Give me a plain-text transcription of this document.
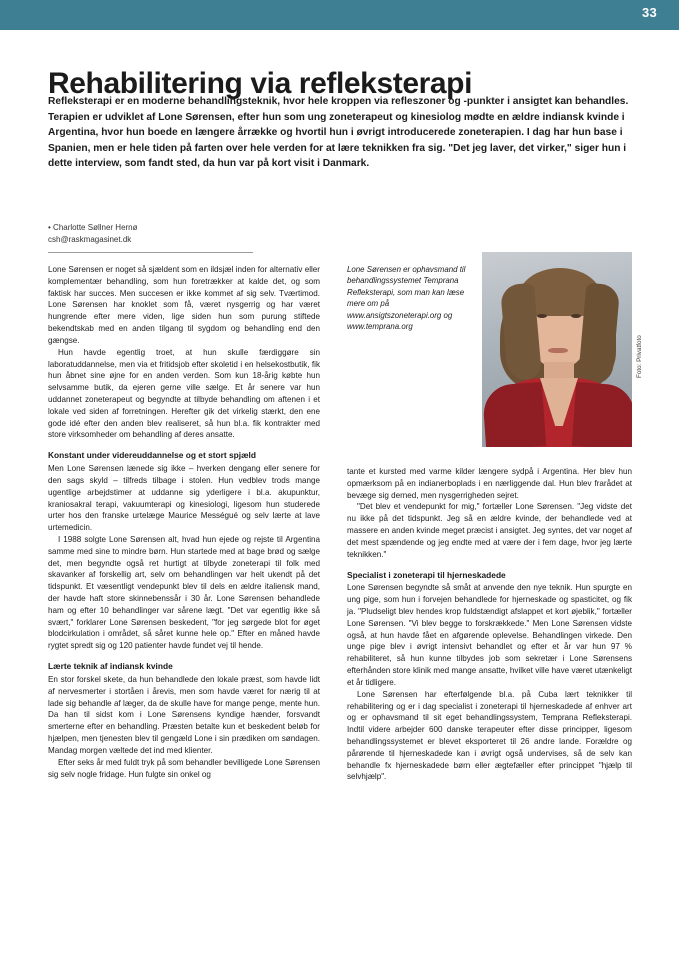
33
Rehabilitering via refleksterapi
Refleksterapi er en moderne behandlingsteknik, hvor hele kroppen via refleszoner og -punkter i ansigtet kan behandles. Terapien er udviklet af Lone Sørensen, efter hun som ung zoneterapeut og kinesiolog mødte en ældre indiansk kvinde i Argentina, hvor hun boede en længere årrække og hvortil hun i øvrigt introducerede zoneterapien. I dag har hun base i Spanien, men er hele tiden på farten over hele verden for at lære teknikken fra sig. "Det jeg laver, det virker," siger hun i dette interview, som fandt sted, da hun var på kort visit i Danmark.
• Charlotte Søllner Hernø
csh@raskmagasinet.dk
Lone Sørensen er ophavsmand til behandlingssystemet Temprana Refleksterapi, som man kan læse mere om på www.ansigtszoneterapi.org og www.temprana.org
Foto: Privatfoto

Lone Sørensen er noget så sjældent som en ildsjæl inden for alternativ eller komplementær behandling, som hun foretrækker at kalde det, og som faktisk har succes. Men succesen er ikke kommet af sig selv. Tværtimod. Lone Sørensen har knoklet som få, været nysgerrig og har været hungrende efter mere viden, lige siden hun som purung stiftede bekendtskab med en anden tilgang til sygdom og behandling end den gængse.

Hun havde egentlig troet, at hun skulle færdiggøre sin laboratuddannelse, men via et fritidsjob efter skoletid i en helsekostbutik, fik hun åbnet sine øjne for en anden verden. Som kun 18-årig købte hun selvsamme butik, da ejeren gerne ville sælge. Et år senere var hun uddannet zoneterapeut og begyndte at tilbyde behandling om aftenen i et lokale ved siden af forretningen. Herefter gik det virkelig stærkt, den ene gode idé efter den anden blev realiseret, så hun bl.a. fik kontrakter med store virksomheder om behandling af deres ansatte.

Konstant under videreuddannelse og et stort spjæld

Men Lone Sørensen lænede sig ikke – hverken dengang eller senere for den sags skyld – tilfreds tilbage i stolen. Hun vedblev trods mange ugentlige arbejdstimer at uddanne sig yderligere i bl.a. akupunktur, kraniosakral terapi, vakuumterapi og kinesiologi, ligesom hun studerede urter hos den franske urtelæge Maurice Mességué og selv lærte at lave urtemedicin.

I 1988 solgte Lone Sørensen alt, hvad hun ejede og rejste til Argentina samme med sine to mindre børn. Hun startede med at bage brød og sælge det, men begyndte også ret hurtigt at tilbyde zoneterapi til folk med skavanker af forskellig art, selv om behandlingen var helt ukendt på det tidspunkt. Et væsentligt vendepunkt blev til dels en ældre italiensk mand, der havde haft store skinnebenssår i 30 år. Lone Sørensen behandlede ham og efter 10 behandlinger var sårene lægt. "Det var egentlig ikke så svært," forklarer Lone Sørensen beskedent, "for jeg sørgede blot for øget blodcirkulation i området, så såret kunne hele op." Efter en måned havde rygtet spredt sig og 120 patienter havde fundet vej til hende.

Lærte teknik af indiansk kvinde

En stor forskel skete, da hun behandlede den lokale præst, som havde lidt af nervesmerter i stortåen i årevis, men som havde været for nærig til at lade sig behandle af læger, da de skulle have for mange penge, mente hun. Da han til sidst kom i Lone Sørensens kyndige hænder, forsvandt smerterne efter en behandling. Præsten betalte kun et beskedent beløb for hjælpen, men tjenesten blev til gengæld Lone i sin prædiken om søndagen. Mandag morgen væltede det ind med klienter.

Efter seks år med fuldt tryk på som behandler bevilligede Lone Sørensen sig selv nogle fridage. Hun fulgte sin onkel og

tante et kursted med varme kilder længere sydpå i Argentina. Her blev hun opmærksom på en indianerboplads i en nærliggende dal. Hun blev frarådet at bevæge sig derned, men nysgerrigheden sejret.

"Det blev et vendepunkt for mig," fortæller Lone Sørensen. "Jeg vidste det nu ikke på det tidspunkt. Jeg så en ældre kvinde, der behandlede ved at massere en anden kvinde meget præcist i ansigtet. Jeg syntes, det var noget af det mest spændende og jeg endte med at være der i fem dage, hvor jeg lærte teknikken."

Specialist i zoneterapi til hjerneskadede

Lone Sørensen begyndte så småt at anvende den nye teknik. Hun spurgte en ung pige, som hun i forvejen behandlede for hjerneskade og spasticitet, og fik ja. "Pludseligt blev hendes krop fuldstændigt afslappet et kort øjeblik," fortæller Lone Sørensen. "Vi blev begge to forskrækkede." Men Lone Sørensen vidste også, at hun havde fået en afgørende oplevelse. Behandlingen virkede. Den unge pige blev i øvrigt intensivt behandlet og efter et år var hun 97 % rehabiliteret, så hun kunne tilbydes job som sekretær i Lone Sørensens efterhånden store klinik med mange ansatte, hvilket ville have været utænkeligt et år tidligere.

Lone Sørensen har efterfølgende bl.a. på Cuba lært teknikker til rehabilitering og er i dag specialist i zoneterapi til hjerneskadede af enhver art og er ophavsmand til sit eget behandlingssystem, Temprana Refleksterapi. Indtil videre arbejder 600 danske terapeuter efter disse principper, ligesom behandlingssystemet er blevet eksporteret til 26 andre lande. Forældre og pårørende til hjerneskadede kan i øvrigt også undervises, så de selv kan behandle fx hjerneskadede børn eller ægtefæller efter princippet "hjælp til selvhjælp".
